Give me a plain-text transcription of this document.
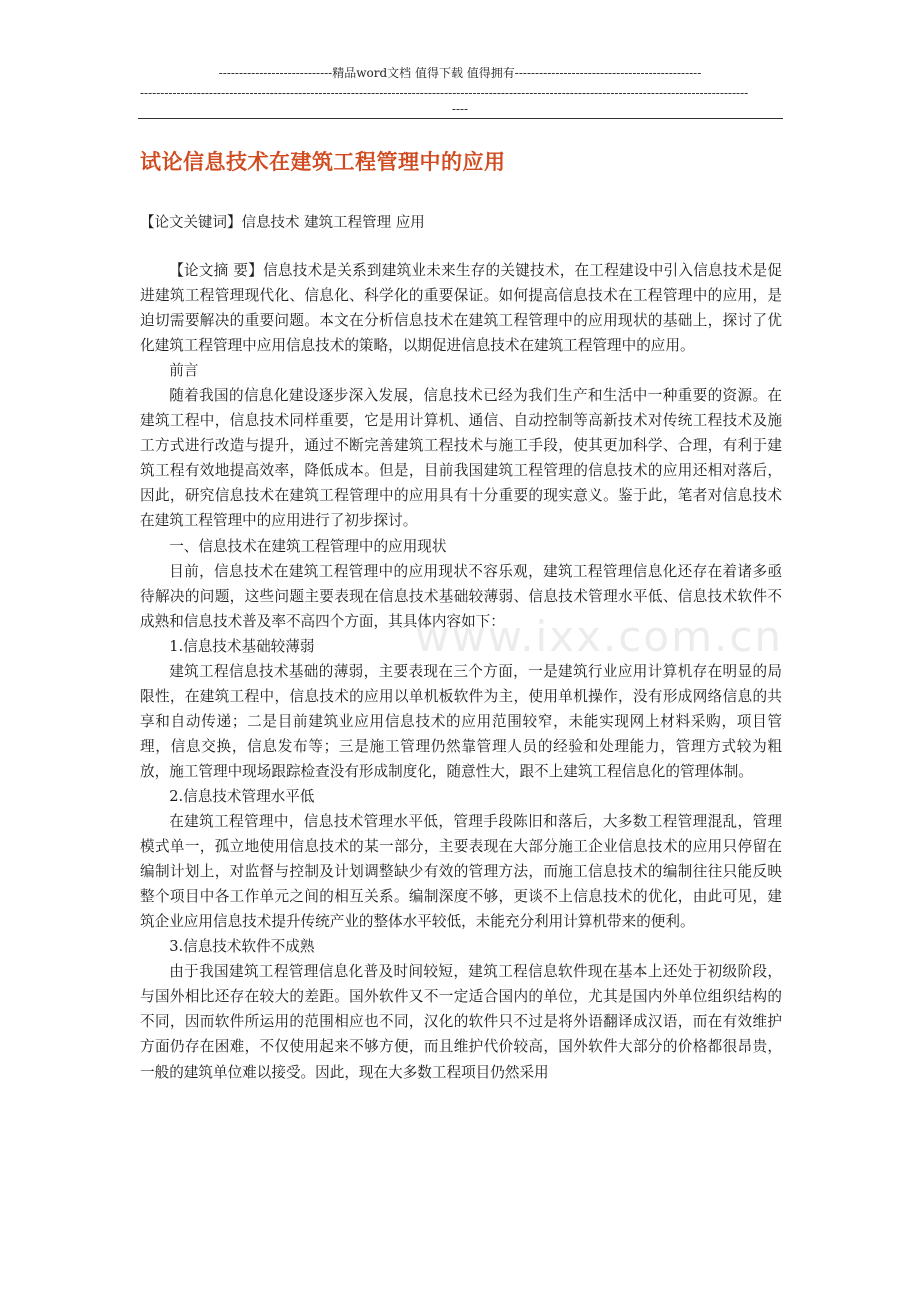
----------------------------精品word文档 值得下载 值得拥有----------------------------------------------
------------------------------------------------------------------------------------------------------------------------------------------------------
----
试论信息技术在建筑工程管理中的应用
【论文关键词】信息技术 建筑工程管理 应用

【论文摘 要】信息技术是关系到建筑业未来生存的关键技术，在工程建设中引入信息技术是促进建筑工程管理现代化、信息化、科学化的重要保证。如何提高信息技术在工程管理中的应用，是迫切需要解决的重要问题。本文在分析信息技术在建筑工程管理中的应用现状的基础上，探讨了优化建筑工程管理中应用信息技术的策略，以期促进信息技术在建筑工程管理中的应用。

前言

随着我国的信息化建设逐步深入发展，信息技术已经为我们生产和生活中一种重要的资源。在建筑工程中，信息技术同样重要，它是用计算机、通信、自动控制等高新技术对传统工程技术及施工方式进行改造与提升，通过不断完善建筑工程技术与施工手段，使其更加科学、合理，有利于建筑工程有效地提高效率，降低成本。但是，目前我国建筑工程管理的信息技术的应用还相对落后，因此，研究信息技术在建筑工程管理中的应用具有十分重要的现实意义。鉴于此，笔者对信息技术在建筑工程管理中的应用进行了初步探讨。

一、信息技术在建筑工程管理中的应用现状

目前，信息技术在建筑工程管理中的应用现状不容乐观，建筑工程管理信息化还存在着诸多亟待解决的问题，这些问题主要表现在信息技术基础较薄弱、信息技术管理水平低、信息技术软件不成熟和信息技术普及率不高四个方面，其具体内容如下：

1.信息技术基础较薄弱

建筑工程信息技术基础的薄弱，主要表现在三个方面，一是建筑行业应用计算机存在明显的局限性，在建筑工程中，信息技术的应用以单机板软件为主，使用单机操作，没有形成网络信息的共享和自动传递；二是目前建筑业应用信息技术的应用范围较窄，未能实现网上材料采购，项目管理，信息交换，信息发布等；三是施工管理仍然靠管理人员的经验和处理能力，管理方式较为粗放，施工管理中现场跟踪检查没有形成制度化，随意性大，跟不上建筑工程信息化的管理体制。

2.信息技术管理水平低

在建筑工程管理中，信息技术管理水平低，管理手段陈旧和落后，大多数工程管理混乱，管理模式单一，孤立地使用信息技术的某一部分，主要表现在大部分施工企业信息技术的应用只停留在编制计划上，对监督与控制及计划调整缺少有效的管理方法，而施工信息技术的编制往往只能反映整个项目中各工作单元之间的相互关系。编制深度不够，更谈不上信息技术的优化，由此可见，建筑企业应用信息技术提升传统产业的整体水平较低，未能充分利用计算机带来的便利。

3.信息技术软件不成熟

由于我国建筑工程管理信息化普及时间较短，建筑工程信息软件现在基本上还处于初级阶段，与国外相比还存在较大的差距。国外软件又不一定适合国内的单位，尤其是国内外单位组织结构的不同，因而软件所运用的范围相应也不同，汉化的软件只不过是将外语翻译成汉语，而在有效维护方面仍存在困难，不仅使用起来不够方便，而且维护代价较高，国外软件大部分的价格都很昂贵，一般的建筑单位难以接受。因此，现在大多数工程项目仍然采用

www.ixx.com.cn
